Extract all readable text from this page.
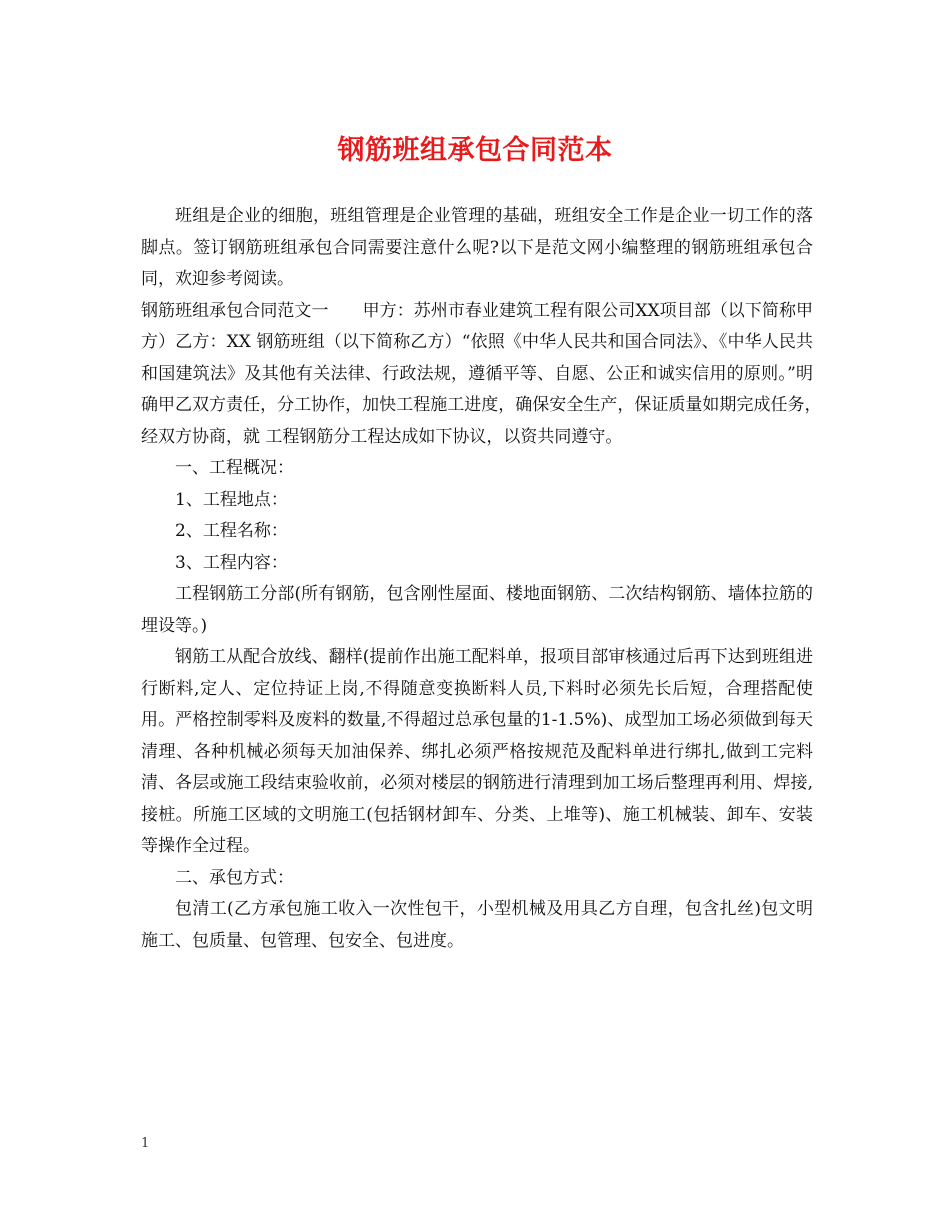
钢筋班组承包合同范本

班组是企业的细胞，班组管理是企业管理的基础，班组安全工作是企业一切工作的落脚点。签订钢筋班组承包合同需要注意什么呢?以下是范文网小编整理的钢筋班组承包合同，欢迎参考阅读。

钢筋班组承包合同范文一　　甲方：苏州市春业建筑工程有限公司XX项目部（以下简称甲方）乙方：XX 钢筋班组（以下简称乙方）“依照《中华人民共和国合同法》、《中华人民共和国建筑法》及其他有关法律、行政法规，遵循平等、自愿、公正和诚实信用的原则。”明确甲乙双方责任，分工协作，加快工程施工进度，确保安全生产，保证质量如期完成任务，　经双方协商，就 工程钢筋分工程达成如下协议，以资共同遵守。

一、工程概况：

1、工程地点：

2、工程名称：

3、工程内容：

工程钢筋工分部(所有钢筋，包含刚性屋面、楼地面钢筋、二次结构钢筋、墙体拉筋的埋设等。)

钢筋工从配合放线、翻样(提前作出施工配料单，报项目部审核通过后再下达到班组进行断料,定人、定位持证上岗,不得随意变换断料人员,下料时必须先长后短，合理搭配使用。严格控制零料及废料的数量,不得超过总承包量的1-1.5%)、成型加工场必须做到每天清理、各种机械必须每天加油保养、绑扎必须严格按规范及配料单进行绑扎,做到工完料清、各层或施工段结束验收前，必须对楼层的钢筋进行清理到加工场后整理再利用、焊接,接桩。所施工区域的文明施工(包括钢材卸车、分类、上堆等)、施工机械装、卸车、安装等操作全过程。

二、承包方式：

包清工(乙方承包施工收入一次性包干，小型机械及用具乙方自理，包含扎丝)包文明施工、包质量、包管理、包安全、包进度。

1
